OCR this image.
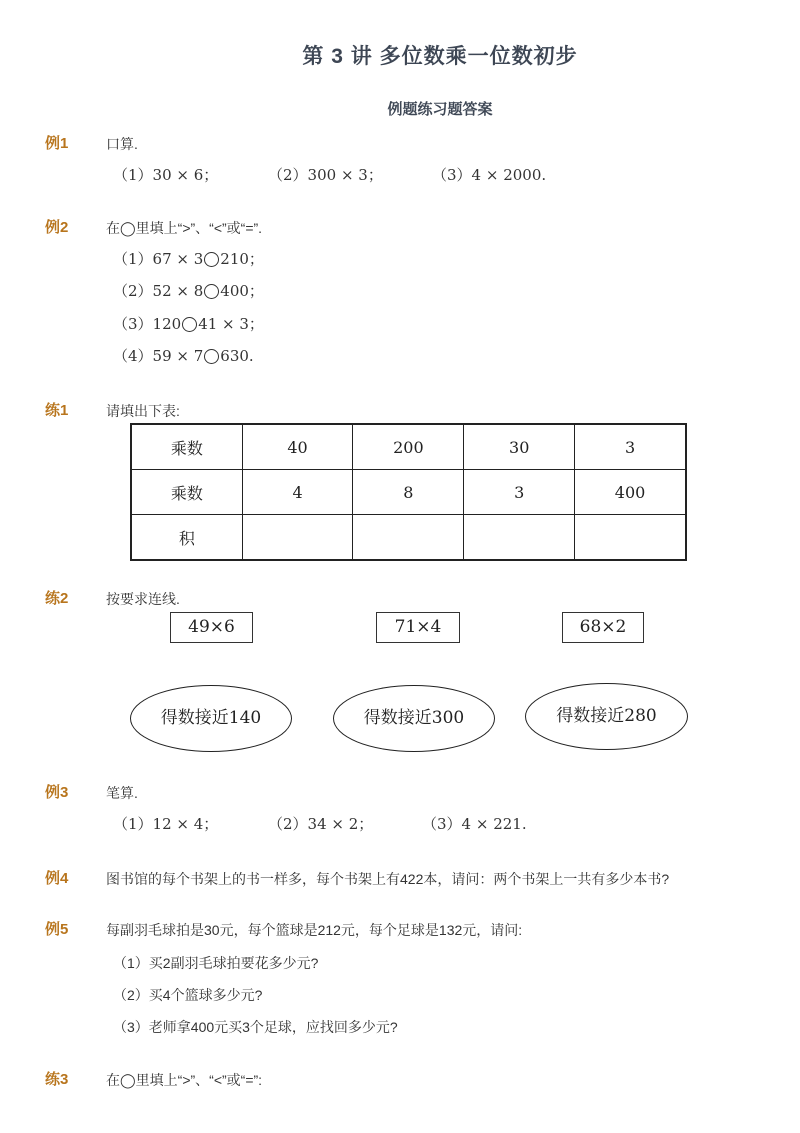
第 3 讲 多位数乘一位数初步
例题练习题答案
例1	口算.
（1）30 × 6；	（2）300 × 3；	（3）4 × 2000.
例2	在◯里填上“>”、“<”或“=”.
（1）67 × 3 210；
（2）52 × 8 400；
（3）120 41 × 3；
（4）59 × 7 630.
练1	请填出下表:
乘数	40	200	30	3
乘数	4	8	3	400
积				
练2	按要求连线.
49×6	71×4	68×2
得数接近140	得数接近300	得数接近280
例3	笔算.
（1）12 × 4；	（2）34 × 2；	（3）4 × 221.
例4	图书馆的每个书架上的书一样多，每个书架上有422本，请问：两个书架上一共有多少本书?
例5	每副羽毛球拍是30元，每个篮球是212元，每个足球是132元，请问:
（1）买2副羽毛球拍要花多少元?
（2）买4个篮球多少元?
（3）老师拿400元买3个足球，应找回多少元?
练3	在◯里填上“>”、“<”或“=”:
